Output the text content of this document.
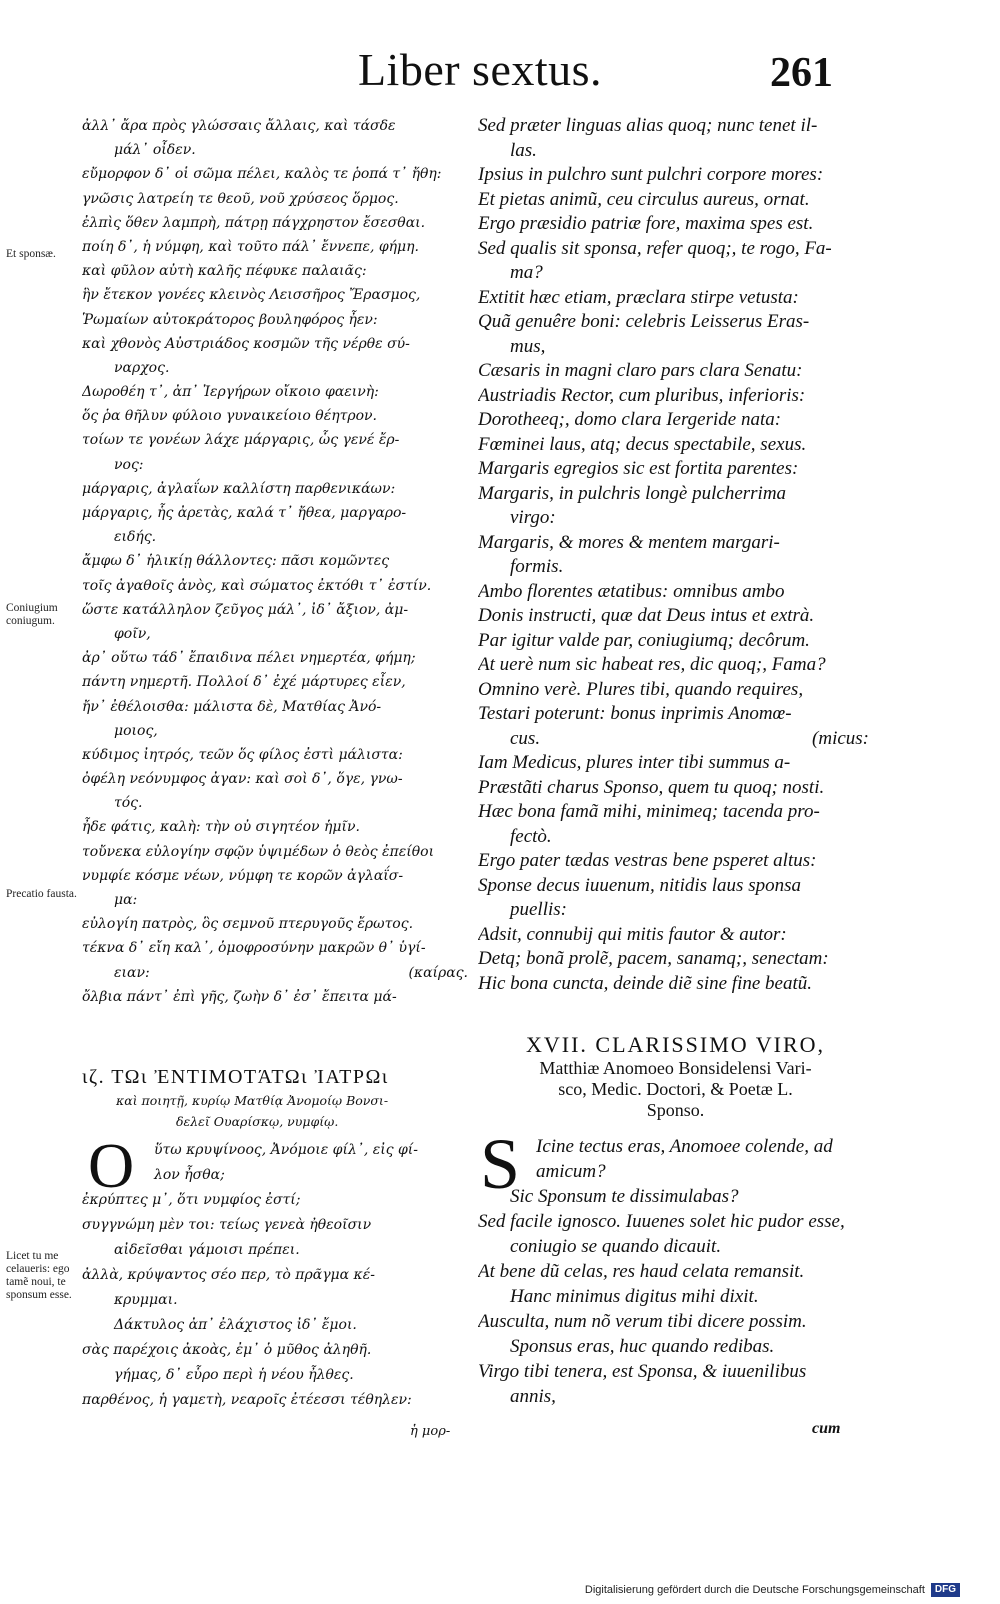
Liber sextus.	261
Et sponsæ.
Coniugium coniugum.
Precatio fausta.
Licet tu me celaueris: ego tamẽ noui, te sponsum esse.
ἀλλ᾽ ἄρα πρὸς γλώσσαις ἄλλαις, καὶ τάσδε
μάλ᾽ οἶδεν.
εὔμορφον δ᾽ οἱ σῶμα πέλει, καλὸς τε ῥοπά τ᾽ ἤθη:
γνῶσις λατρείη τε θεοῦ, νοῦ χρύσεος ὅρμος.
ἐλπὶς ὅθεν λαμπρὴ, πάτρῃ πάγχρηστον ἔσεσθαι.
ποίη δ᾽, ἡ νύμφη, καὶ τοῦτο πάλ᾽ ἔννεπε, φήμη.
καὶ φῦλον αὐτὴ καλῆς πέφυκε παλαιᾶς:
ἣν ἔτεκον γονέες κλεινὸς Λεισσῆρος Ἔρασμος,
Ῥωμαίων αὐτοκράτορος βουληφόρος ἦεν:
καὶ χθονὸς Αὐστριάδος κοσμῶν τῆς νέρθε σύ-
ναρχος.
Δωροθέη τ᾽, ἀπ᾽ Ἰεργήρων οἴκοιο φαεινὴ:
ὅς ῥα θῆλυν φύλοιο γυναικείοιο θέητρον.
τοίων τε γονέων λάχε μάργαρις, ὧς γενέ ἔρ-
νος:
μάργαρις, ἀγλαΐων καλλίστη παρθενικάων:
μάργαρις, ἧς ἀρετὰς, καλά τ᾽ ἤθεα, μαργαρο-
ειδής.
ἄμφω δ᾽ ἡλικίῃ θάλλοντες: πᾶσι κομῶντες
τοῖς ἀγαθοῖς ἀνὸς, καὶ σώματος ἐκτόθι τ᾽ ἐστίν.
ὥστε κατάλληλον ζεῦγος μάλ᾽, ἰδ᾽ ἄξιον, ἀμ-
φοῖν,
ἀρ᾽ οὕτω τάδ᾽ ἔπαιδινα πέλει νημερτέα, φήμη;
πάντη νημερτῆ. Πολλοί δ᾽ ἐχέ μάρτυρες εἶεν,
ἤν᾽ ἐθέλοισθα: μάλιστα δὲ, Ματθίας Ἀνό-
μοιος,
κύδιμος ἰητρός, τεῶν ὅς φίλος ἐστὶ μάλιστα:
ὀφέλη νεόνυμφος ἀγαν: καὶ σοὶ δ᾽, ὅγε, γνω-
τός.
ἦδε φάτις, καλὴ: τὴν οὐ σιγητέον ἡμῖν.
τοὔνεκα εὐλογίην σφῷν ὑψιμέδων ὁ θεὸς ἐπείθοι
νυμφίε κόσμε νέων, νύμφη τε κορῶν ἀγλαΐσ-
μα:
εὐλογίη πατρὸς, ὃς σεμνοῦ πτερυγοῦς ἔρωτος.
τέκνα δ᾽ εἴη καλ᾽, ὁμοφροσύνην μακρῶν θ᾽ ὑγί-
ειαν:	(καίρας.
ὄλβια πάντ᾽ ἐπὶ γῆς, ζωὴν δ᾽ ἐσ᾽ ἔπειτα μά-
Sed præter linguas alias quoq; nunc tenet il-
las.
Ipsius in pulchro sunt pulchri corpore mores:
Et pietas animũ, ceu circulus aureus, ornat.
Ergo præsidio patriæ fore, maxima spes est.
Sed qualis sit sponsa, refer quoq;, te rogo, Fa-
ma?
Extitit hæc etiam, præclara stirpe vetusta:
Quã genuêre boni: celebris Leisserus Eras-
mus,
Cæsaris in magni claro pars clara Senatu:
Austriadis Rector, cum pluribus, inferioris:
Dorotheeq;, domo clara Iergeride nata:
Fœminei laus, atq; decus spectabile, sexus.
Margaris egregios sic est fortita parentes:
Margaris, in pulchris longè pulcherrima
virgo:
Margaris, & mores & mentem margari-
formis.
Ambo florentes ætatibus: omnibus ambo
Donis instructi, quæ dat Deus intus et extrà.
Par igitur valde par, coniugiumq; decôrum.
At uerè num sic habeat res, dic quoq;, Fama?
Omnino verè. Plures tibi, quando requires,
Testari poterunt: bonus inprimis Anomœ-
cus.	(micus:
Iam Medicus, plures inter tibi summus a-
Præstãti charus Sponso, quem tu quoq; nosti.
Hæc bona famã mihi, minimeq; tacenda pro-
fectò.
Ergo pater tædas vestras bene psperet altus:
Sponse decus iuuenum, nitidis laus sponsa
puellis:
Adsit, connubij qui mitis fautor & autor:
Detq; bonã prolẽ, pacem, sanamq;, senectam:
Hic bona cuncta, deinde diẽ sine fine beatũ.
ιζ. ΤΩι ἘΝΤΙΜΟΤΆΤΩι ἸΑΤΡΩι
καὶ ποιητῇ, κυρίῳ Ματθίᾳ Ἀνομοίῳ Βονσι-
δελεῖ Ουαρίσκῳ, νυμφίῳ.
Ο	ὕτω κρυψίνοος, Ἀνόμοιε φίλ᾽, εἰς φί-
λον ἦσθα;
ἐκρύπτες μ᾽, ὅτι νυμφίος ἐστί;
συγγνώμη μὲν τοι: τείως γενεὰ ἠθεοῖσιν
αἰδεῖσθαι γάμοισι πρέπει.
ἀλλὰ, κρύψαντος σέο περ, τὸ πρᾶγμα κέ-
κρυμμαι.
Δάκτυλος ἀπ᾽ ἐλάχιστος ἰδ᾽ ἔμοι.
σὰς παρέχοις ἀκοὰς, ἐμ᾽ ὁ μῦθος ἀληθῆ.
γήμας, δ᾽ εὗρο περὶ ἡ νέου ἦλθες.
παρθένος, ἡ γαμετὴ, νεαροῖς ἐτέεσσι τέθηλεν:
ἡ μορ-
XVII. CLARISSIMO VIRO,
Matthiæ Anomoeo Bonsidelensi Vari-
sco, Medic. Doctori, & Poetæ L.
Sponso.
S Icine tectus eras, Anomoee colende, ad
amicum?
Sic Sponsum te dissimulabas?
Sed facile ignosco. Iuuenes solet hic pudor esse,
coniugio se quando dicauit.
At bene dũ celas, res haud celata remansit.
Hanc minimus digitus mihi dixit.
Ausculta, num nõ verum tibi dicere possim.
Sponsus eras, huc quando redibas.
Virgo tibi tenera, est Sponsa, & iuuenilibus
annis,
cum
Digitalisierung gefördert durch die Deutsche Forschungsgemeinschaft	DFG
